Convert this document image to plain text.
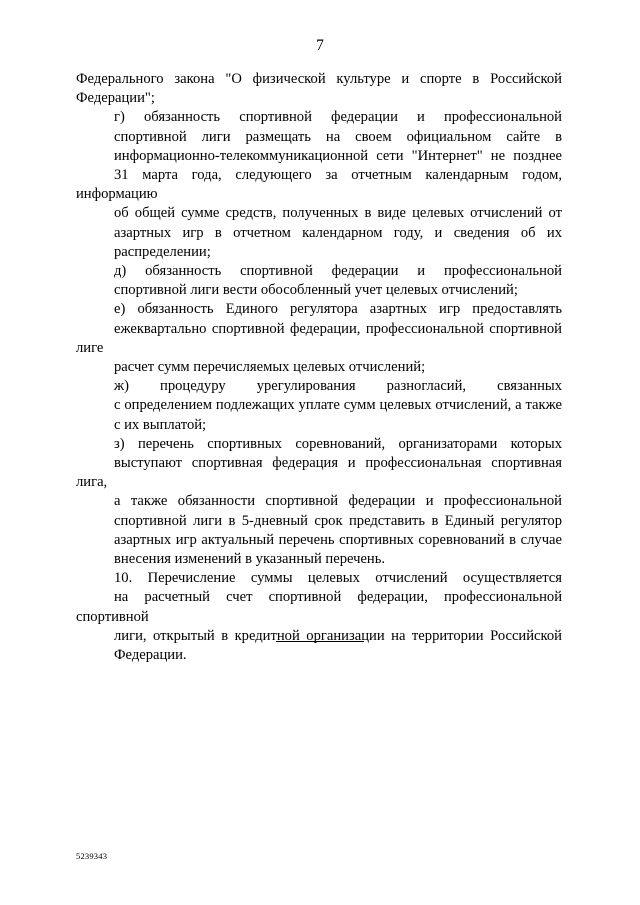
7

Федерального закона "О физической культуре и спорте в Российской
Федерации";

г) обязанность спортивной федерации и профессиональной
спортивной лиги размещать на своем официальном сайте в
информационно-телекоммуникационной сети "Интернет" не позднее
31 марта года, следующего за отчетным календарным годом, информацию
об общей сумме средств, полученных в виде целевых отчислений от
азартных игр в отчетном календарном году, и сведения об их
распределении;

д) обязанность спортивной федерации и профессиональной
спортивной лиги вести обособленный учет целевых отчислений;

е) обязанность Единого регулятора азартных игр предоставлять
ежеквартально спортивной федерации, профессиональной спортивной лиге
расчет сумм перечисляемых целевых отчислений;

ж) процедуру урегулирования разногласий, связанных
с определением подлежащих уплате сумм целевых отчислений, а также
с их выплатой;

з) перечень спортивных соревнований, организаторами которых
выступают спортивная федерация и профессиональная спортивная лига,
а также обязанности спортивной федерации и профессиональной
спортивной лиги в 5-дневный срок представить в Единый регулятор
азартных игр актуальный перечень спортивных соревнований в случае
внесения изменений в указанный перечень.

10. Перечисление суммы целевых отчислений осуществляется
на расчетный счет спортивной федерации, профессиональной спортивной
лиги, открытый в кредитной организации на территории Российской
Федерации.

5239343
